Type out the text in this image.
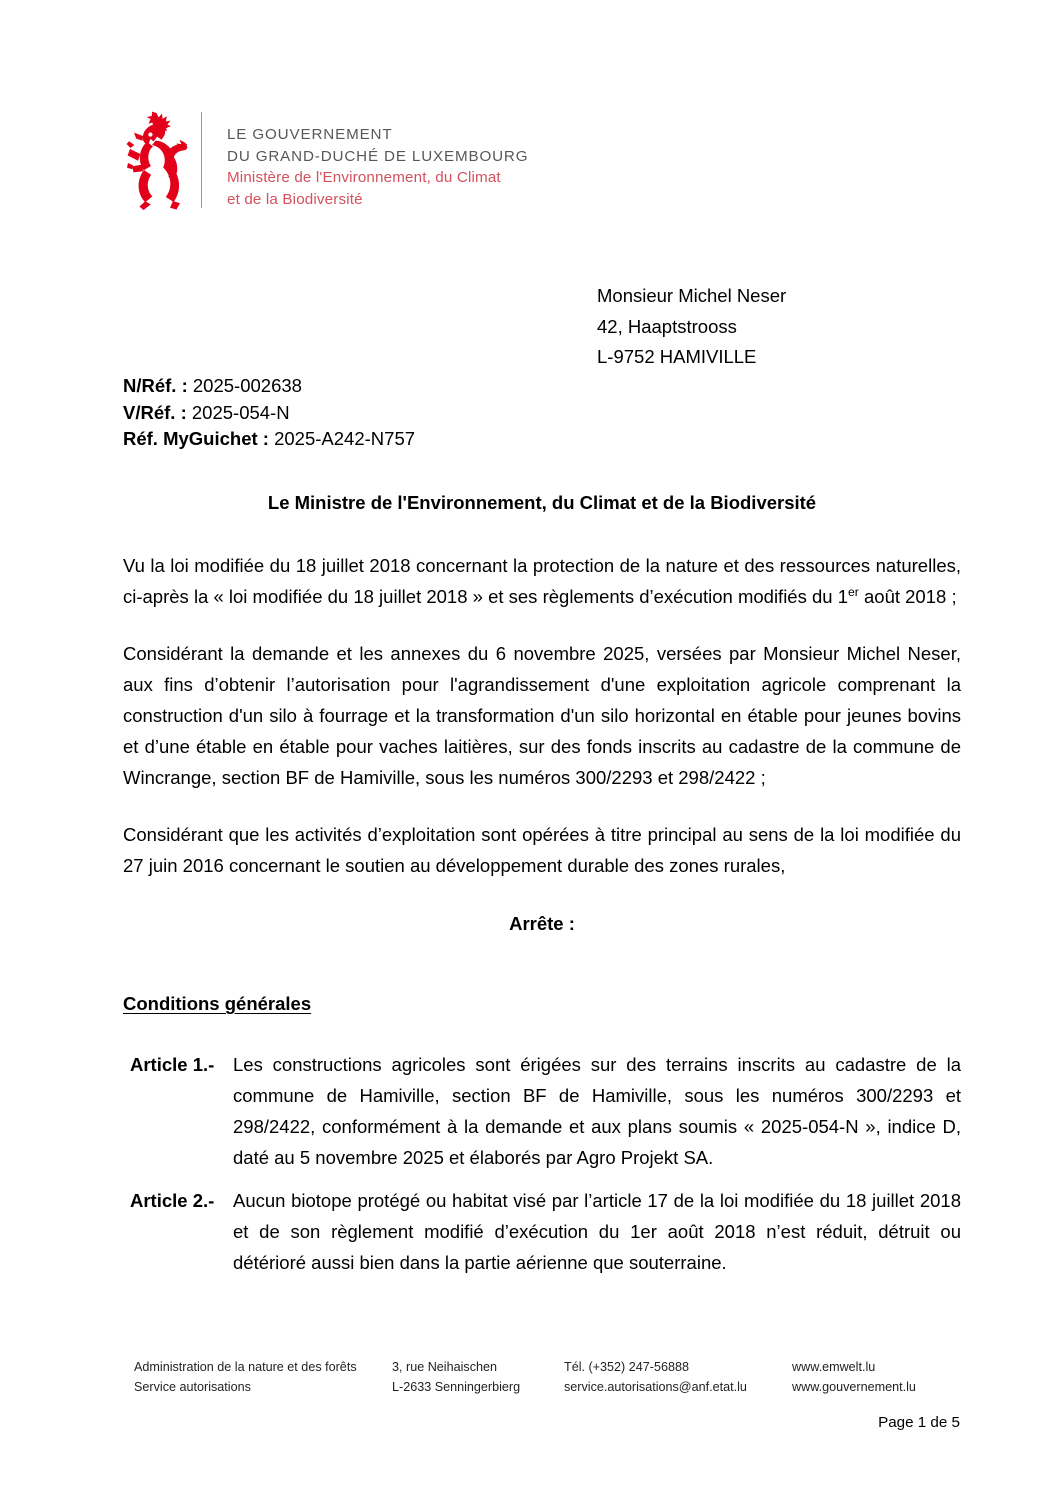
LE GOUVERNEMENT
DU GRAND-DUCHÉ DE LUXEMBOURG
Ministère de l'Environnement, du Climat
et de la Biodiversité
Monsieur Michel Neser
42, Haaptstrooss
L-9752 HAMIVILLE
N/Réf. : 2025-002638
V/Réf. : 2025-054-N
Réf. MyGuichet : 2025-A242-N757
Le Ministre de l'Environnement, du Climat et de la Biodiversité

Vu la loi modifiée du 18 juillet 2018 concernant la protection de la nature et des ressources naturelles, ci-après la « loi modifiée du 18 juillet 2018 » et ses règlements d’exécution modifiés du 1er août 2018 ;

Considérant la demande et les annexes du 6 novembre 2025, versées par Monsieur Michel Neser, aux fins d’obtenir l’autorisation pour l'agrandissement d'une exploitation agricole comprenant la construction d'un silo à fourrage et la transformation d'un silo horizontal en étable pour jeunes bovins et d’une étable en étable pour vaches laitières, sur des fonds inscrits au cadastre de la commune de Wincrange, section BF de Hamiville, sous les numéros 300/2293 et 298/2422 ;

Considérant que les activités d’exploitation sont opérées à titre principal au sens de la loi modifiée du 27 juin 2016 concernant le soutien au développement durable des zones rurales,

Arrête :
Conditions générales
Article 1.-	Les constructions agricoles sont érigées sur des terrains inscrits au cadastre de la commune de Hamiville, section BF de Hamiville, sous les numéros 300/2293 et 298/2422, conformément à la demande et aux plans soumis « 2025-054-N », indice D, daté au 5 novembre 2025 et élaborés par Agro Projekt SA.
Article 2.-	Aucun biotope protégé ou habitat visé par l’article 17 de la loi modifiée du 18 juillet 2018 et de son règlement modifié d’exécution du 1er août 2018 n’est réduit, détruit ou détérioré aussi bien dans la partie aérienne que souterraine.
Administration de la nature et des forêts
Service autorisations
3, rue Neihaischen
L-2633 Senningerbierg
Tél. (+352) 247-56888
service.autorisations@anf.etat.lu
www.emwelt.lu
www.gouvernement.lu
Page 1 de 5
